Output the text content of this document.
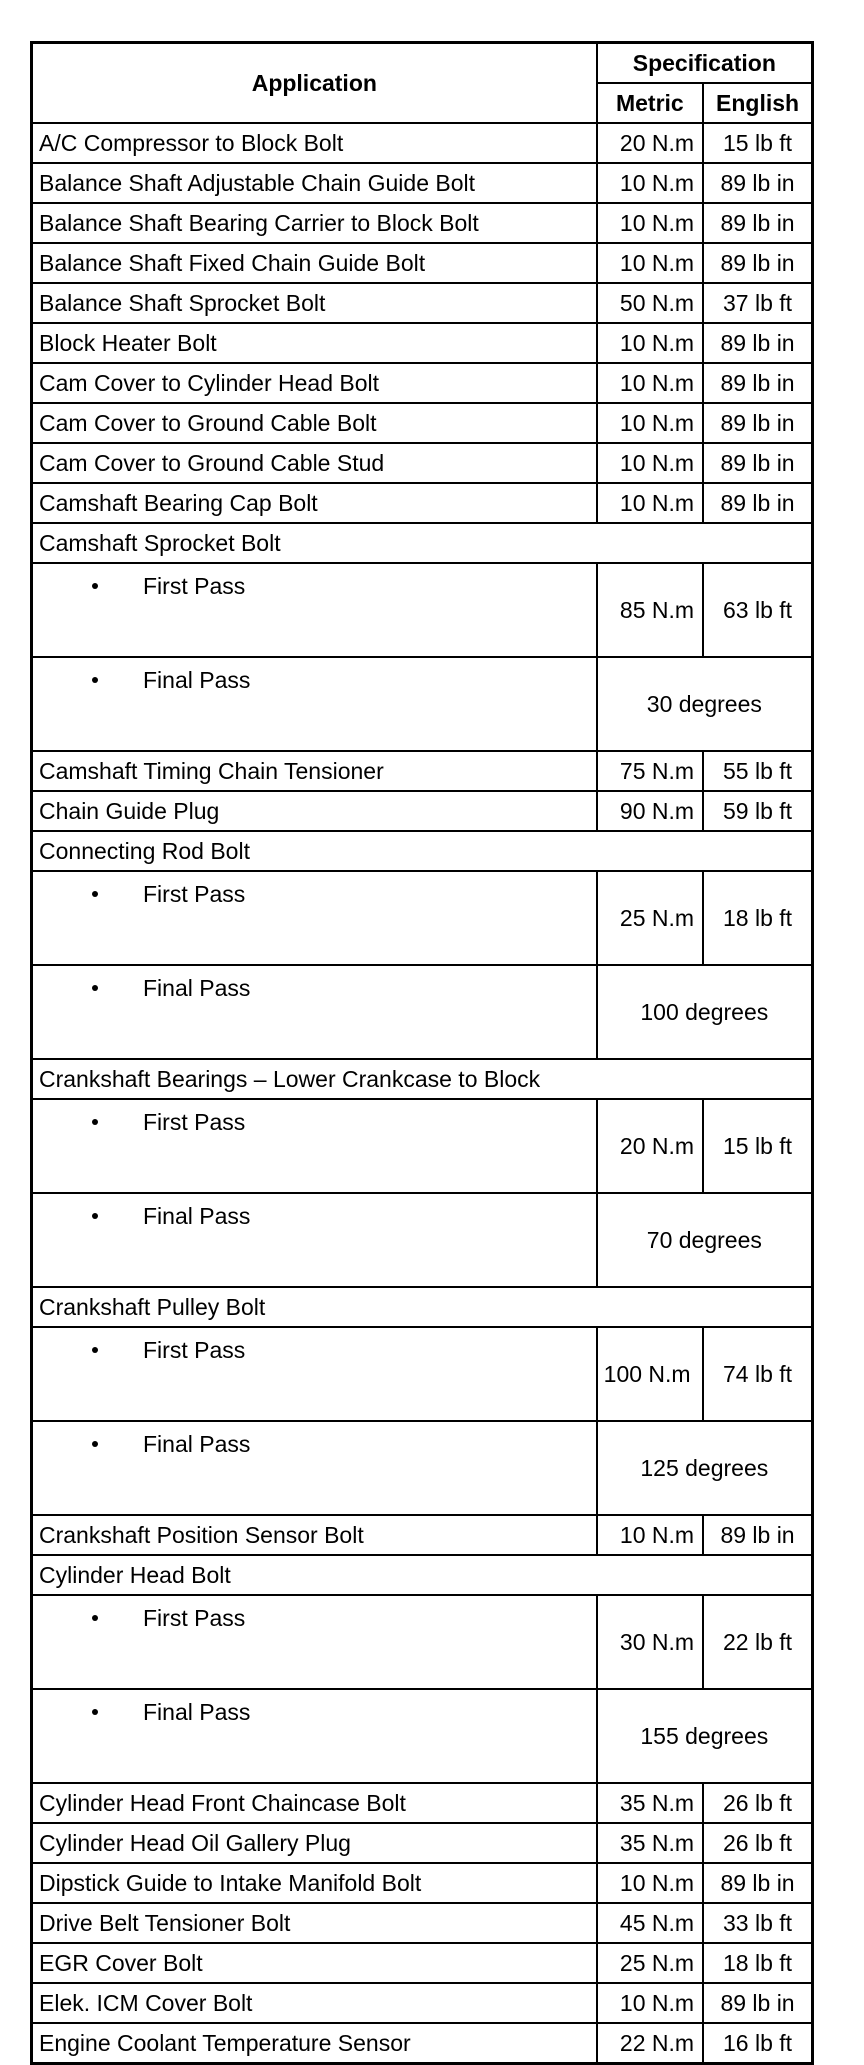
Application	Specification	
	Metric	English
A/C Compressor to Block Bolt	20 N.m	15 lb ft
Balance Shaft Adjustable Chain Guide Bolt	10 N.m	89 lb in
Balance Shaft Bearing Carrier to Block Bolt	10 N.m	89 lb in
Balance Shaft Fixed Chain Guide Bolt	10 N.m	89 lb in
Balance Shaft Sprocket Bolt	50 N.m	37 lb ft
Block Heater Bolt	10 N.m	89 lb in
Cam Cover to Cylinder Head Bolt	10 N.m	89 lb in
Cam Cover to Ground Cable Bolt	10 N.m	89 lb in
Cam Cover to Ground Cable Stud	10 N.m	89 lb in
Camshaft Bearing Cap Bolt	10 N.m	89 lb in
Camshaft Sprocket Bolt		
First Pass	85 N.m	63 lb ft
Final Pass	30 degrees	
Camshaft Timing Chain Tensioner	75 N.m	55 lb ft
Chain Guide Plug	90 N.m	59 lb ft
Connecting Rod Bolt		
First Pass	25 N.m	18 lb ft
Final Pass	100 degrees	
Crankshaft Bearings – Lower Crankcase to Block		
First Pass	20 N.m	15 lb ft
Final Pass	70 degrees	
Crankshaft Pulley Bolt		
First Pass	100 N.m	74 lb ft
Final Pass	125 degrees	
Crankshaft Position Sensor Bolt	10 N.m	89 lb in
Cylinder Head Bolt		
First Pass	30 N.m	22 lb ft
Final Pass	155 degrees	
Cylinder Head Front Chaincase Bolt	35 N.m	26 lb ft
Cylinder Head Oil Gallery Plug	35 N.m	26 lb ft
Dipstick Guide to Intake Manifold Bolt	10 N.m	89 lb in
Drive Belt Tensioner Bolt	45 N.m	33 lb ft
EGR Cover Bolt	25 N.m	18 lb ft
Elek. ICM Cover Bolt	10 N.m	89 lb in
Engine Coolant Temperature Sensor	22 N.m	16 lb ft
